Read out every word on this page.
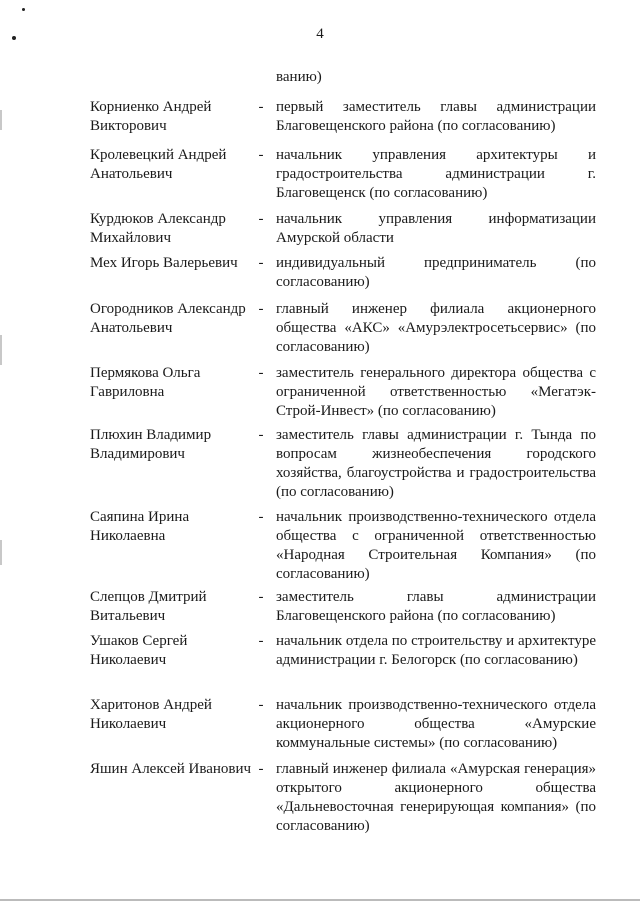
4
ванию)
Корниенко Андрей Викторович
- первый заместитель главы администрации Благовещенского района (по согласованию)
Кролевецкий Андрей Анатольевич
- начальник управления архитектуры и градостроительства администрации г. Благовещенск (по согласованию)
Курдюков Александр Михайлович
- начальник управления информатизации Амурской области
Мех Игорь Валерьевич	- индивидуальный предприниматель (по согласованию)
Огородников Александр Анатольевич
- главный инженер филиала акционерного общества «АКС» «Амурэлектросетьсервис» (по согласованию)
Пермякова Ольга Гавриловна
- заместитель генерального директора общества с ограниченной ответственностью «Мегатэк-Строй-Инвест» (по согласованию)
Плюхин Владимир Владимирович
- заместитель главы администрации г. Тында по вопросам жизнеобеспечения городского хозяйства, благоустройства и градостроительства (по согласованию)
Саяпина Ирина Николаевна
- начальник производственно-технического отдела общества с ограниченной ответственностью «Народная Строительная Компания» (по согласованию)
Слепцов Дмитрий Витальевич
- заместитель главы администрации Благовещенского района (по согласованию)
Ушаков Сергей Николаевич
- начальник отдела по строительству и архитектуре администрации г. Белогорск (по согласованию)
Харитонов Андрей Николаевич
- начальник производственно-технического отдела акционерного общества «Амурские коммунальные системы» (по согласованию)
Яшин Алексей Иванович - главный инженер филиала «Амурская генерация» открытого акционерного общества «Дальневосточная генерирующая компания» (по согласованию)
